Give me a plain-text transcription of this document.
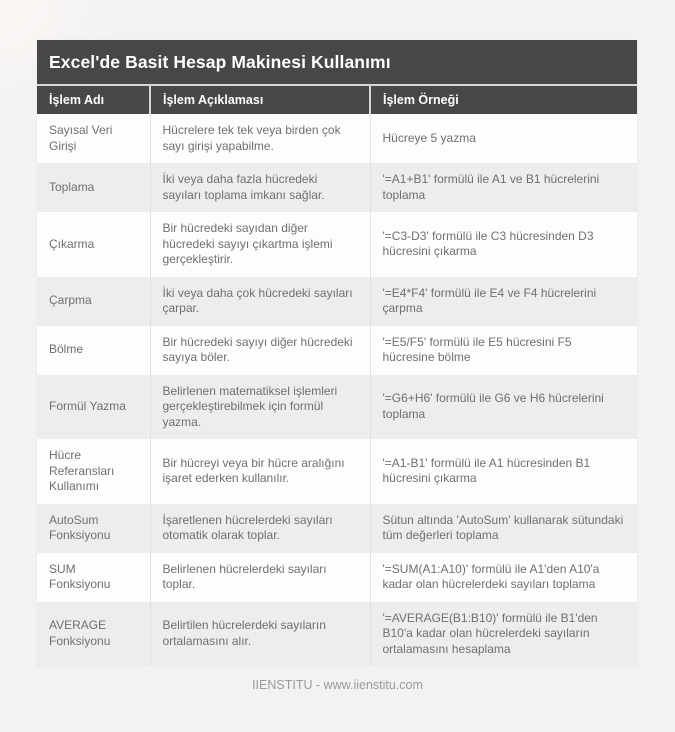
Excel'de Basit Hesap Makinesi Kullanımı
İşlem Adı	İşlem Açıklaması	İşlem Örneği
Sayısal Veri Girişi	Hücrelere tek tek veya birden çok sayı girişi yapabilme.	Hücreye 5 yazma
Toplama	İki veya daha fazla hücredeki sayıları toplama imkanı sağlar.	'=A1+B1' formülü ile A1 ve B1 hücrelerini toplama
Çıkarma	Bir hücredeki sayıdan diğer hücredeki sayıyı çıkartma işlemi gerçekleştirir.	'=C3-D3' formülü ile C3 hücresinden D3 hücresini çıkarma
Çarpma	İki veya daha çok hücredeki sayıları çarpar.	'=E4*F4' formülü ile E4 ve F4 hücrelerini çarpma
Bölme	Bir hücredeki sayıyı diğer hücredeki sayıya böler.	'=E5/F5' formülü ile E5 hücresini F5 hücresine bölme
Formül Yazma	Belirlenen matematiksel işlemleri gerçekleştirebilmek için formül yazma.	'=G6+H6' formülü ile G6 ve H6 hücrelerini toplama
Hücre Referansları Kullanımı	Bir hücreyi veya bir hücre aralığını işaret ederken kullanılır.	'=A1-B1' formülü ile A1 hücresinden B1 hücresini çıkarma
AutoSum Fonksiyonu	İşaretlenen hücrelerdeki sayıları otomatik olarak toplar.	Sütun altında 'AutoSum' kullanarak sütundaki tüm değerleri toplama
SUM Fonksiyonu	Belirlenen hücrelerdeki sayıları toplar.	'=SUM(A1:A10)' formülü ile A1'den A10'a kadar olan hücrelerdeki sayıları toplama
AVERAGE Fonksiyonu	Belirtilen hücrelerdeki sayıların ortalamasını alır.	'=AVERAGE(B1:B10)' formülü ile B1'den B10'a kadar olan hücrelerdeki sayıların ortalamasını hesaplama
IIENSTITU - www.iienstitu.com
